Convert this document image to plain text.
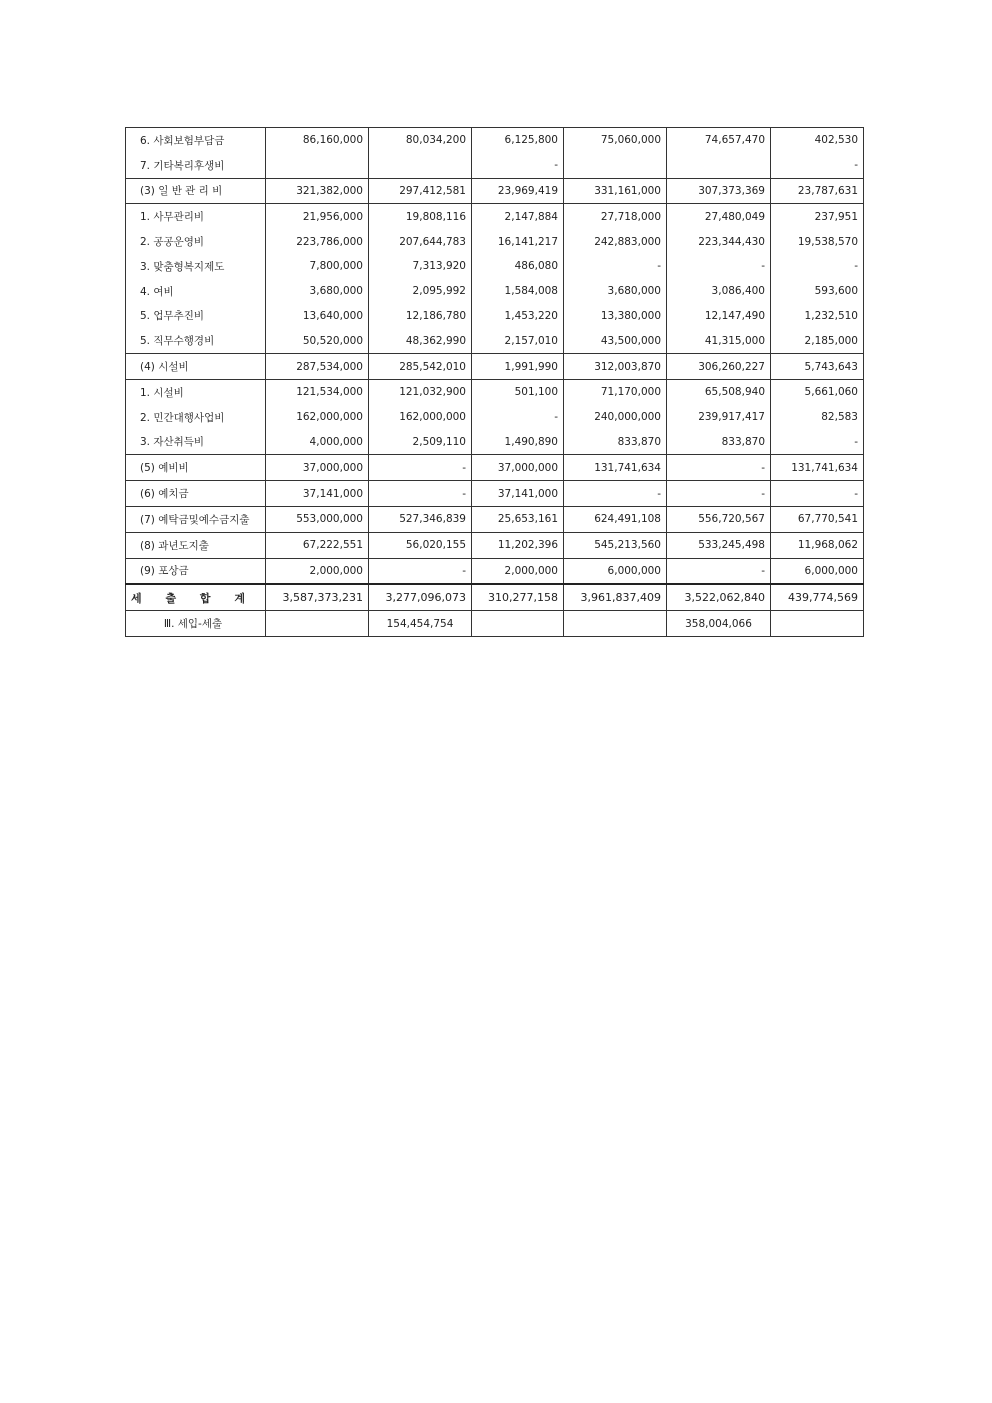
6. 사회보험부담금	86,160,000	80,034,200	6,125,800	75,060,000	74,657,470	402,530
7. 기타복리후생비			-			-
(3) 일 반 관 리 비	321,382,000	297,412,581	23,969,419	331,161,000	307,373,369	23,787,631
1. 사무관리비	21,956,000	19,808,116	2,147,884	27,718,000	27,480,049	237,951
2. 공공운영비	223,786,000	207,644,783	16,141,217	242,883,000	223,344,430	19,538,570
3. 맞춤형복지제도	7,800,000	7,313,920	486,080	-	-	-
4. 여비	3,680,000	2,095,992	1,584,008	3,680,000	3,086,400	593,600
5. 업무추진비	13,640,000	12,186,780	1,453,220	13,380,000	12,147,490	1,232,510
5. 직무수행경비	50,520,000	48,362,990	2,157,010	43,500,000	41,315,000	2,185,000
(4) 시설비	287,534,000	285,542,010	1,991,990	312,003,870	306,260,227	5,743,643
1. 시설비	121,534,000	121,032,900	501,100	71,170,000	65,508,940	5,661,060
2. 민간대행사업비	162,000,000	162,000,000	-	240,000,000	239,917,417	82,583
3. 자산취득비	4,000,000	2,509,110	1,490,890	833,870	833,870	-
(5) 예비비	37,000,000	-	37,000,000	131,741,634	-	131,741,634
(6) 예치금	37,141,000	-	37,141,000	-	-	-
(7) 예탁금및예수금지출	553,000,000	527,346,839	25,653,161	624,491,108	556,720,567	67,770,541
(8) 과년도지출	67,222,551	56,020,155	11,202,396	545,213,560	533,245,498	11,968,062
(9) 포상금	2,000,000	-	2,000,000	6,000,000	-	6,000,000
세 출 합 계	3,587,373,231	3,277,096,073	310,277,158	3,961,837,409	3,522,062,840	439,774,569
Ⅲ. 세입-세출		154,454,754			358,004,066	
